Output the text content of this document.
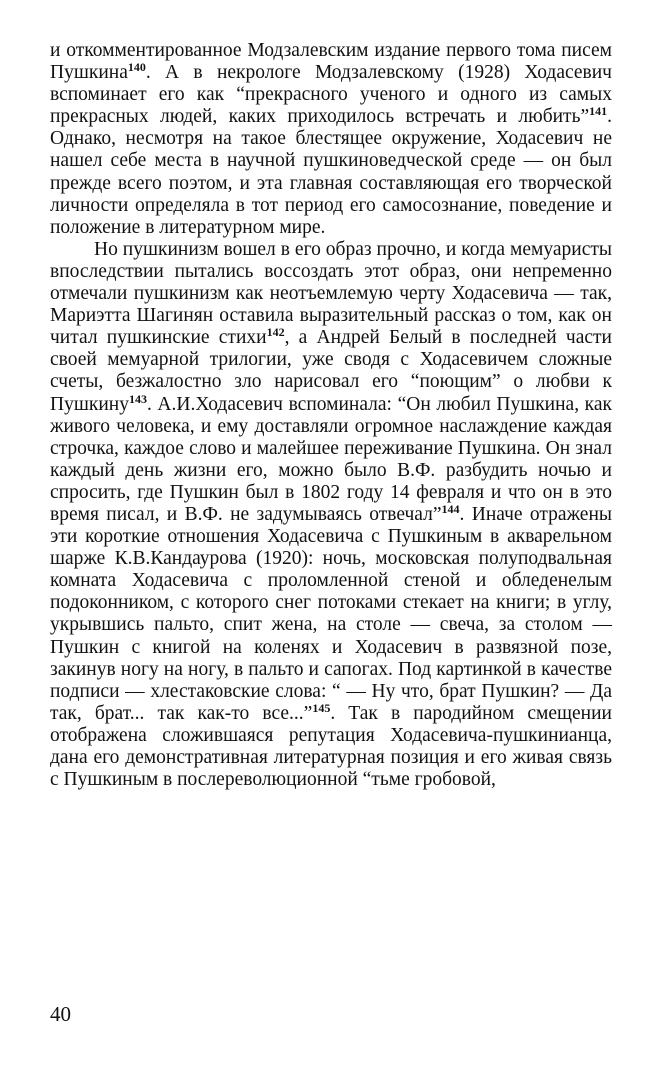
и откомментированное Модзалевским издание первого тома писем Пушкина$^{140}$. А в некрологе Модзалевскому (1928) Ходасевич вспоминает его как “прекрасного ученого и одного из самых прекрасных людей, каких приходилось встречать и любить”$^{141}$. Однако, несмотря на такое блестящее окружение, Ходасевич не нашел себе места в научной пушкиноведческой среде — он был прежде всего поэтом, и эта главная составляющая его творческой личности определяла в тот период его самосознание, поведение и положение в литературном мире.

Но пушкинизм вошел в его образ прочно, и когда мемуаристы впоследствии пытались воссоздать этот образ, они непременно отмечали пушкинизм как неотъемлемую черту Ходасевича — так, Мариэтта Шагинян оставила выразительный рассказ о том, как он читал пушкинские стихи$^{142}$, а Андрей Белый в последней части своей мемуарной трилогии, уже сводя с Ходасевичем сложные счеты, безжалостно зло нарисовал его “поющим” о любви к Пушкину$^{143}$. А.И.Ходасевич вспоминала: “Он любил Пушкина, как живого человека, и ему доставляли огромное наслаждение каждая строчка, каждое слово и малейшее переживание Пушкина. Он знал каждый день жизни его, можно было В.Ф. разбудить ночью и спросить, где Пушкин был в 1802 году 14 февраля и что он в это время писал, и В.Ф. не задумываясь отвечал”$^{144}$. Иначе отражены эти короткие отношения Ходасевича с Пушкиным в акварельном шарже К.В.Кандаурова (1920): ночь, московская полуподвальная комната Ходасевича с проломленной стеной и обледенелым подоконником, с которого снег потоками стекает на книги; в углу, укрывшись пальто, спит жена, на столе — свеча, за столом — Пушкин с книгой на коленях и Ходасевич в развязной позе, закинув ногу на ногу, в пальто и сапогах. Под картинкой в качестве подписи — хлестаковские слова: “ — Ну что, брат Пушкин? — Да так, брат... так как-то все...”$^{145}$. Так в пародийном смещении отображена сложившаяся репутация Ходасевича-пушкинианца, дана его демонстративная литературная позиция и его живая связь с Пушкиным в послереволюционной “тьме гробовой,

40
